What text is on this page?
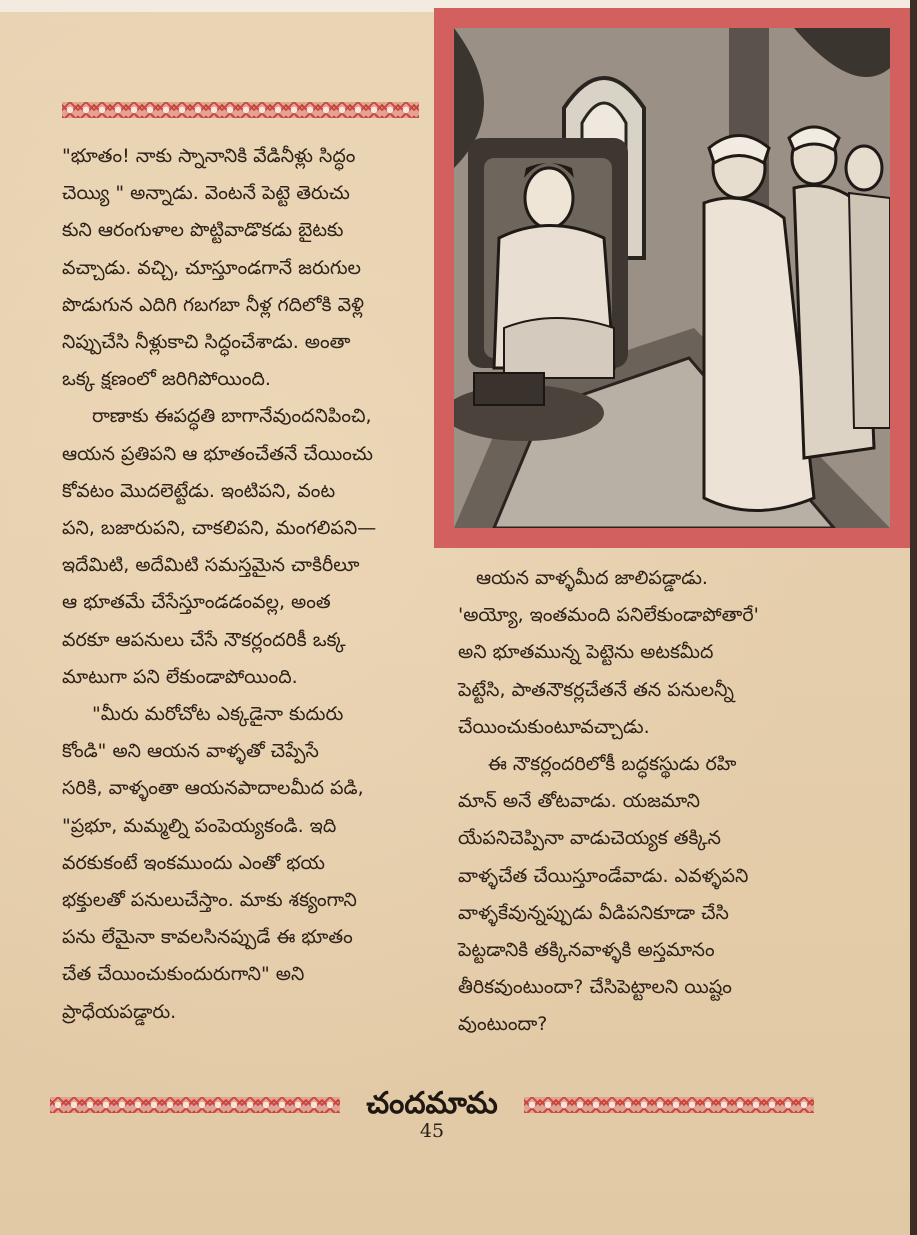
"భూతం! నాకు స్నానానికి వేడినీళ్లు సిద్ధం

చెయ్యి " అన్నాడు. వెంటనే పెట్టె తెరుచు

కుని ఆరంగుళాల పొట్టివాడొకడు బైటకు

వచ్చాడు. వచ్చి, చూస్తూండగానే జరుగుల

పొడుగున ఎదిగి గబగబా నీళ్ల గదిలోకి వెళ్లి

నిప్పుచేసి నీళ్లుకాచి సిద్ధంచేశాడు. అంతా

ఒక్క క్షణంలో జరిగిపోయింది.

రాణాకు ఈపద్ధతి బాగానేవుందనిపించి,

ఆయన ప్రతిపని ఆ భూతంచేతనే చేయించు

కోవటం మొదలెట్టేడు. ఇంటిపని, వంట

పని, బజారుపని, చాకలిపని, మంగలిపని—

ఇదేమిటి, అదేమిటి సమస్తమైన చాకిరీలూ

ఆ భూతమే చేసేస్తూండడంవల్ల, అంత

వరకూ ఆపనులు చేసే నౌకర్లందరికీ ఒక్క

మాటుగా పని లేకుండాపోయింది.

"మీరు మరోచోట ఎక్కడైనా కుదురు

కోండి" అని ఆయన వాళ్ళతో చెప్పేసే

సరికి, వాళ్ళంతా ఆయనపాదాలమీద పడి,

"ప్రభూ, మమ్మల్ని పంపెయ్యకండి. ఇది

వరకుకంటే ఇంకముందు ఎంతో భయ

భక్తులతో పనులుచేస్తాం. మాకు శక్యంగాని

పను లేమైనా కావలసినప్పుడే ఈ భూతం

చేత చేయించుకుందురుగాని" అని

ప్రాధేయపడ్డారు.

ఆయన వాళ్ళమీద జాలిపడ్డాడు.

'అయ్యో, ఇంతమంది పనిలేకుండాపోతారే'

అని భూతమున్న పెట్టెను అటకమీద

పెట్టేసి, పాతనౌకర్లచేతనే తన పనులన్నీ

చేయించుకుంటూవచ్చాడు.

ఈ నౌకర్లందరిలోకీ బద్ధకస్థుడు రహి

మాన్ అనే తోటవాడు. యజమాని

యేపనిచెప్పినా వాడుచెయ్యక తక్కిన

వాళ్ళచేత చేయిస్తూండేవాడు. ఎవళ్ళపని

వాళ్ళకేవున్నప్పుడు వీడిపనికూడా చేసి

పెట్టడానికి తక్కినవాళ్ళకి అస్తమానం

తీరికవుంటుందా? చేసిపెట్టాలని యిష్టం

వుంటుందా?

చందమామ
45
